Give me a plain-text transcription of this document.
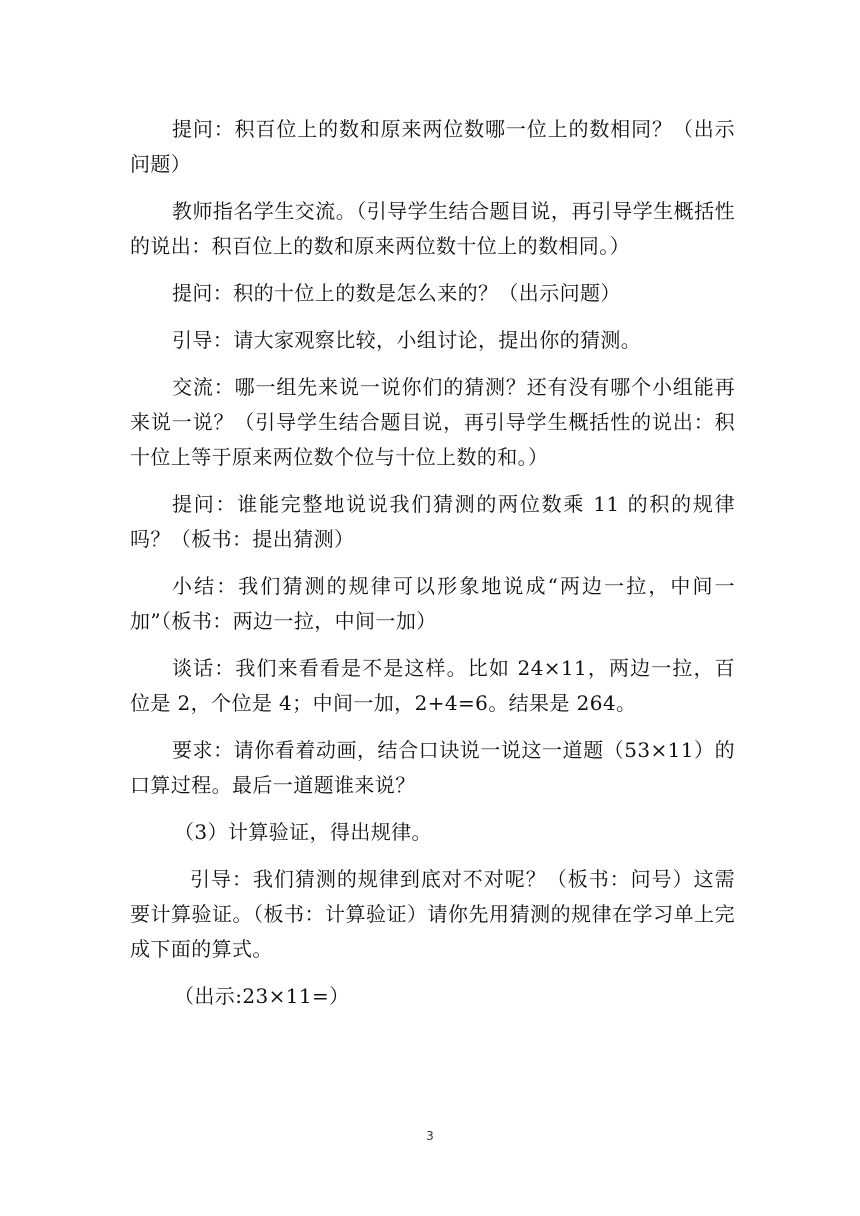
提问：积百位上的数和原来两位数哪一位上的数相同？（出示问题）

教师指名学生交流。（引导学生结合题目说，再引导学生概括性的说出：积百位上的数和原来两位数十位上的数相同。）

提问：积的十位上的数是怎么来的？（出示问题）

引导：请大家观察比较，小组讨论，提出你的猜测。

交流：哪一组先来说一说你们的猜测？还有没有哪个小组能再来说一说？（引导学生结合题目说，再引导学生概括性的说出：积十位上等于原来两位数个位与十位上数的和。）

提问：谁能完整地说说我们猜测的两位数乘 11 的积的规律吗？（板书：提出猜测）

小结：我们猜测的规律可以形象地说成“两边一拉，中间一加”（板书：两边一拉，中间一加）

谈话：我们来看看是不是这样。比如 24×11，两边一拉，百位是 2，个位是 4；中间一加，2+4=6。结果是 264。

要求：请你看着动画，结合口诀说一说这一道题（53×11）的口算过程。最后一道题谁来说？

（3）计算验证，得出规律。

引导：我们猜测的规律到底对不对呢？（板书：问号）这需要计算验证。（板书：计算验证）请你先用猜测的规律在学习单上完成下面的算式。

（出示:23×11=）

3
